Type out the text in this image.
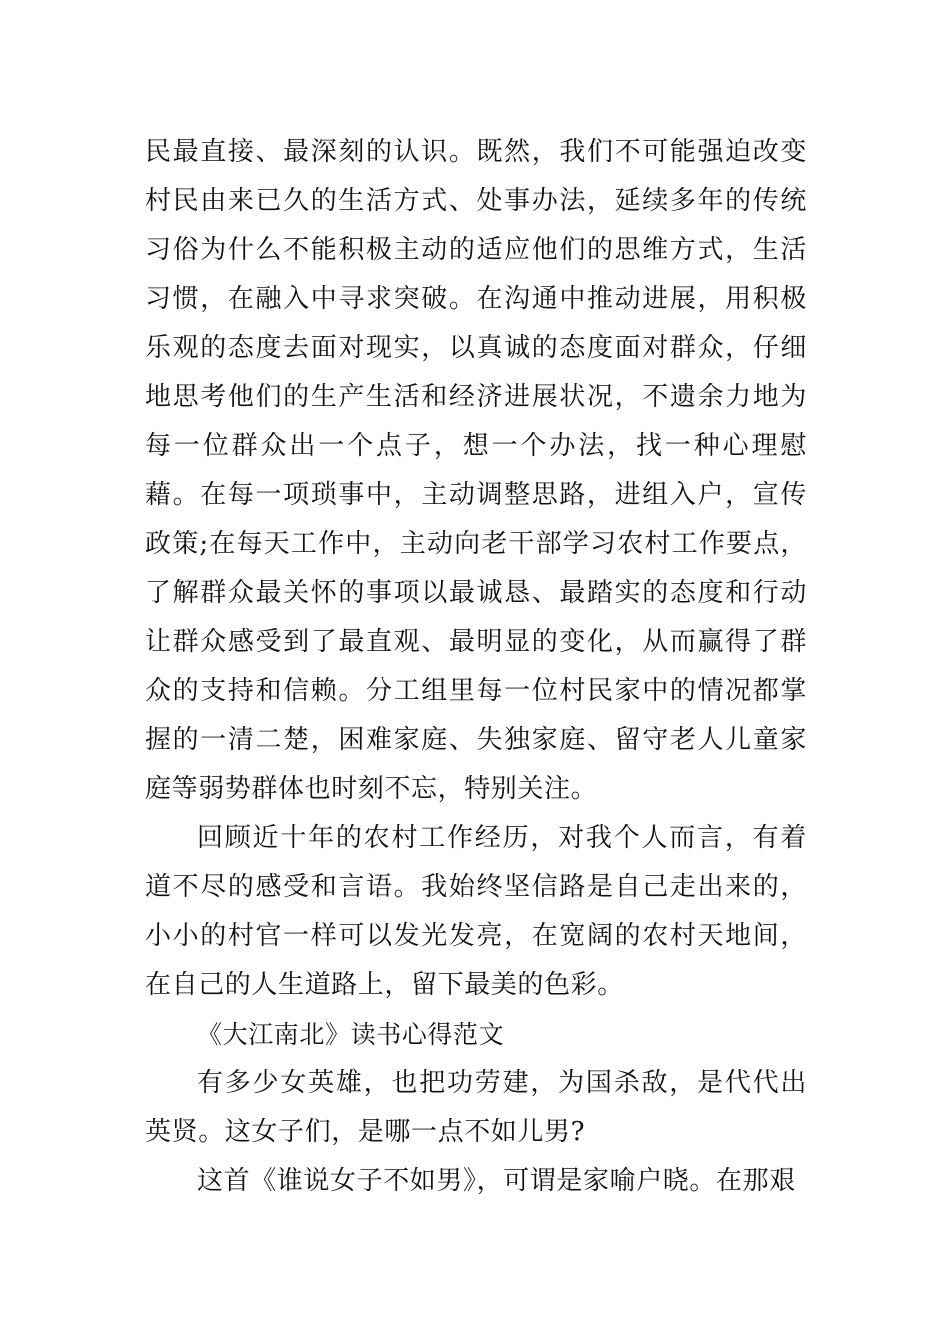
民最直接、最深刻的认识。既然，我们不可能强迫改变村民由来已久的生活方式、处事办法，延续多年的传统习俗为什么不能积极主动的适应他们的思维方式，生活习惯，在融入中寻求突破。在沟通中推动进展，用积极乐观的态度去面对现实，以真诚的态度面对群众，仔细地思考他们的生产生活和经济进展状况，不遗余力地为每一位群众出一个点子，想一个办法，找一种心理慰藉。在每一项琐事中，主动调整思路，进组入户，宣传政策;在每天工作中，主动向老干部学习农村工作要点，了解群众最关怀的事项以最诚恳、最踏实的态度和行动让群众感受到了最直观、最明显的变化，从而赢得了群众的支持和信赖。分工组里每一位村民家中的情况都掌握的一清二楚，困难家庭、失独家庭、留守老人儿童家庭等弱势群体也时刻不忘，特别关注。

回顾近十年的农村工作经历，对我个人而言，有着道不尽的感受和言语。我始终坚信路是自己走出来的，小小的村官一样可以发光发亮，在宽阔的农村天地间，在自己的人生道路上，留下最美的色彩。

《大江南北》读书心得范文

有多少女英雄，也把功劳建，为国杀敌，是代代出英贤。这女子们，是哪一点不如儿男?

这首《谁说女子不如男》，可谓是家喻户晓。在那艰
